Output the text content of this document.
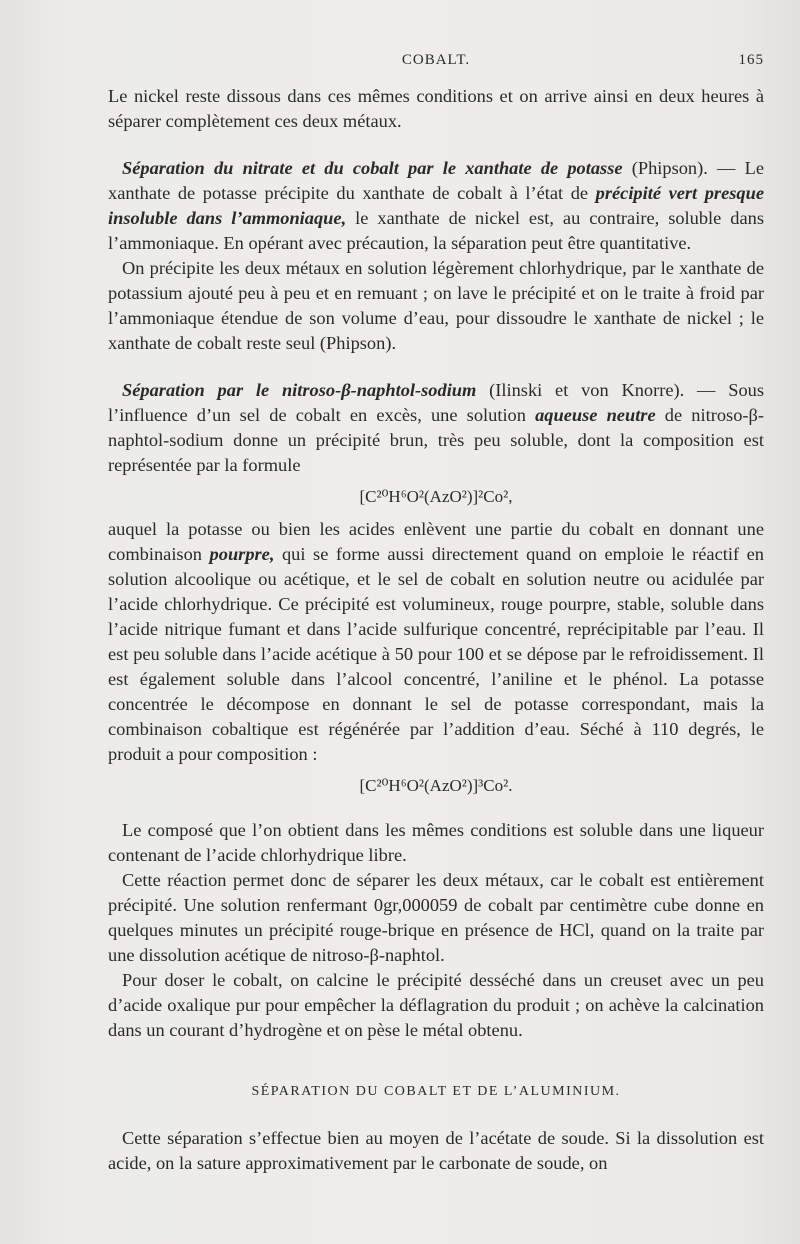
COBALT.	165

Le nickel reste dissous dans ces mêmes conditions et on arrive ainsi en deux heures à séparer complètement ces deux métaux.

Séparation du nitrate et du cobalt par le xanthate de potasse (Phipson). — Le xanthate de potasse précipite du xanthate de cobalt à l’état de précipité vert presque insoluble dans l’ammoniaque, le xanthate de nickel est, au contraire, soluble dans l’ammoniaque. En opérant avec précaution, la séparation peut être quantitative.

On précipite les deux métaux en solution légèrement chlorhydrique, par le xanthate de potassium ajouté peu à peu et en remuant ; on lave le précipité et on le traite à froid par l’ammoniaque étendue de son volume d’eau, pour dissoudre le xanthate de nickel ; le xanthate de cobalt reste seul (Phipson).

Séparation par le nitroso-β-naphtol-sodium (Ilinski et von Knorre). — Sous l’influence d’un sel de cobalt en excès, une solution aqueuse neutre de nitroso-β-naphtol-sodium donne un précipité brun, très peu soluble, dont la composition est représentée par la formule

[C²⁰H⁶O²(AzO²)]²Co²,

auquel la potasse ou bien les acides enlèvent une partie du cobalt en donnant une combinaison pourpre, qui se forme aussi directement quand on emploie le réactif en solution alcoolique ou acétique, et le sel de cobalt en solution neutre ou acidulée par l’acide chlorhydrique. Ce précipité est volumineux, rouge pourpre, stable, soluble dans l’acide nitrique fumant et dans l’acide sulfurique concentré, reprécipitable par l’eau. Il est peu soluble dans l’acide acétique à 50 pour 100 et se dépose par le refroidissement. Il est également soluble dans l’alcool concentré, l’aniline et le phénol. La potasse concentrée le décompose en donnant le sel de potasse correspondant, mais la combinaison cobaltique est régénérée par l’addition d’eau. Séché à 110 degrés, le produit a pour composition :

[C²⁰H⁶O²(AzO²)]³Co².

Le composé que l’on obtient dans les mêmes conditions est soluble dans une liqueur contenant de l’acide chlorhydrique libre.

Cette réaction permet donc de séparer les deux métaux, car le cobalt est entièrement précipité. Une solution renfermant 0gr,000059 de cobalt par centimètre cube donne en quelques minutes un précipité rouge-brique en présence de HCl, quand on la traite par une dissolution acétique de nitroso-β-naphtol.

Pour doser le cobalt, on calcine le précipité desséché dans un creuset avec un peu d’acide oxalique pur pour empêcher la déflagration du produit ; on achève la calcination dans un courant d’hydrogène et on pèse le métal obtenu.

SÉPARATION DU COBALT ET DE L’ALUMINIUM.

Cette séparation s’effectue bien au moyen de l’acétate de soude. Si la dissolution est acide, on la sature approximativement par le carbonate de soude, on
